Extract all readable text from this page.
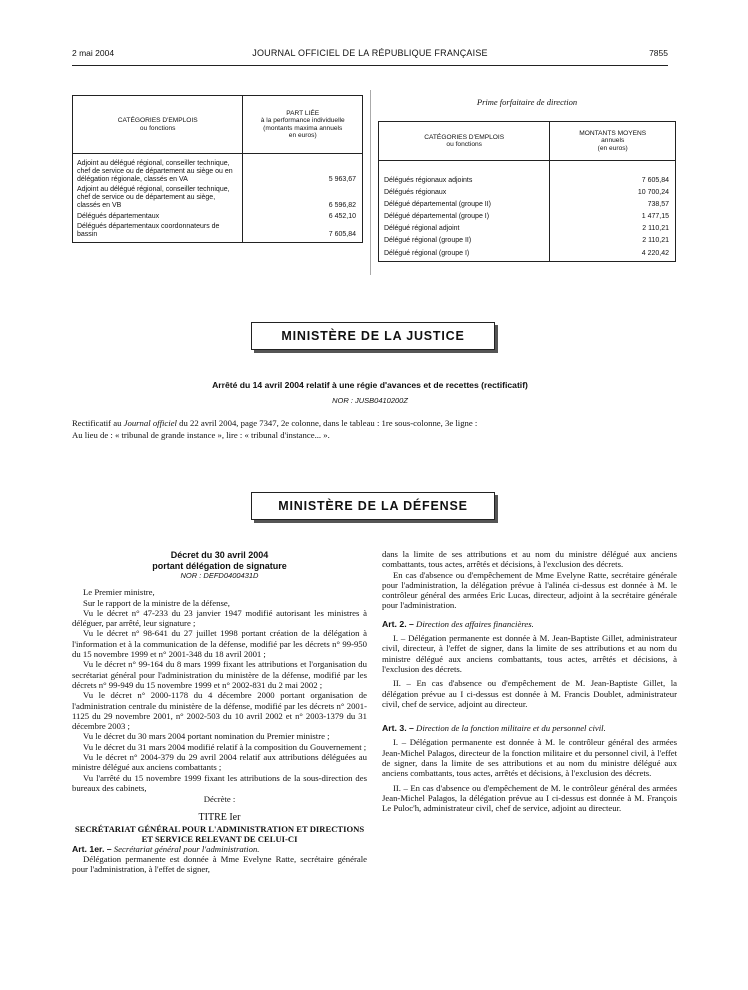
2 mai 2004	JOURNAL OFFICIEL DE LA RÉPUBLIQUE FRANÇAISE	7855
CATÉGORIES D'EMPLOIS
ou fonctions	PART LIÉE
à la performance individuelle
(montants maxima annuels
en euros)
Adjoint au délégué régional, conseiller technique, chef de service ou de département au siège ou en délégation régionale, classés en VA	5 963,67
Adjoint au délégué régional, conseiller technique, chef de service ou de département au siège, classés en VB	6 596,82
Délégués départementaux	6 452,10
Délégués départementaux coordonnateurs de bassin	7 605,84
Prime forfaitaire de direction
CATÉGORIES D'EMPLOIS
ou fonctions	MONTANTS MOYENS
annuels
(en euros)
Délégués régionaux adjoints	7 605,84
Délégués régionaux	10 700,24
Délégué départemental (groupe II)	738,57
Délégué départemental (groupe I)	1 477,15
Délégué régional adjoint	2 110,21
Délégué régional (groupe II)	2 110,21
Délégué régional (groupe I)	4 220,42
MINISTÈRE DE LA JUSTICE
Arrêté du 14 avril 2004 relatif à une régie d'avances et de recettes (rectificatif)
NOR : JUSB0410200Z
Rectificatif au Journal officiel du 22 avril 2004, page 7347, 2e colonne, dans le tableau : 1re sous-colonne, 3e ligne :
Au lieu de : « tribunal de grande instance », lire : « tribunal d'instance... ».
MINISTÈRE DE LA DÉFENSE
Décret du 30 avril 2004
portant délégation de signature
NOR : DEFD0400431D

Le Premier ministre,

Sur le rapport de la ministre de la défense,

Vu le décret n° 47-233 du 23 janvier 1947 modifié autorisant les ministres à déléguer, par arrêté, leur signature ;

Vu le décret n° 98-641 du 27 juillet 1998 portant création de la délégation à l'information et à la communication de la défense, modifié par les décrets n° 99-950 du 15 novembre 1999 et n° 2001-348 du 18 avril 2001 ;

Vu le décret n° 99-164 du 8 mars 1999 fixant les attributions et l'organisation du secrétariat général pour l'administration du ministère de la défense, modifié par les décrets n° 99-949 du 15 novembre 1999 et n° 2002-831 du 2 mai 2002 ;

Vu le décret n° 2000-1178 du 4 décembre 2000 portant organisation de l'administration centrale du ministère de la défense, modifié par les décrets n° 2001-1125 du 29 novembre 2001, n° 2002-503 du 10 avril 2002 et n° 2003-1379 du 31 décembre 2003 ;

Vu le décret du 30 mars 2004 portant nomination du Premier ministre ;

Vu le décret du 31 mars 2004 modifié relatif à la composition du Gouvernement ;

Vu le décret n° 2004-379 du 29 avril 2004 relatif aux attributions déléguées au ministre délégué aux anciens combattants ;

Vu l'arrêté du 15 novembre 1999 fixant les attributions de la sous-direction des bureaux des cabinets,

Décrète :
TITRE Ier
SECRÉTARIAT GÉNÉRAL POUR L'ADMINISTRATION ET DIRECTIONS ET SERVICE RELEVANT DE CELUI-CI

Art. 1er. – Secrétariat général pour l'administration.

Délégation permanente est donnée à Mme Evelyne Ratte, secrétaire générale pour l'administration, à l'effet de signer,

dans la limite de ses attributions et au nom du ministre délégué aux anciens combattants, tous actes, arrêtés et décisions, à l'exclusion des décrets.

En cas d'absence ou d'empêchement de Mme Evelyne Ratte, secrétaire générale pour l'administration, la délégation prévue à l'alinéa ci-dessus est donnée à M. le contrôleur général des armées Eric Lucas, directeur, adjoint à la secrétaire générale pour l'administration.

Art. 2. – Direction des affaires financières.

I. – Délégation permanente est donnée à M. Jean-Baptiste Gillet, administrateur civil, directeur, à l'effet de signer, dans la limite de ses attributions et au nom du ministre délégué aux anciens combattants, tous actes, arrêtés et décisions, à l'exclusion des décrets.

II. – En cas d'absence ou d'empêchement de M. Jean-Baptiste Gillet, la délégation prévue au I ci-dessus est donnée à M. Francis Doublet, administrateur civil, chef de service, adjoint au directeur.

Art. 3. – Direction de la fonction militaire et du personnel civil.

I. – Délégation permanente est donnée à M. le contrôleur général des armées Jean-Michel Palagos, directeur de la fonction militaire et du personnel civil, à l'effet de signer, dans la limite de ses attributions et au nom du ministre délégué aux anciens combattants, tous actes, arrêtés et décisions, à l'exclusion des décrets.

II. – En cas d'absence ou d'empêchement de M. le contrôleur général des armées Jean-Michel Palagos, la délégation prévue au I ci-dessus est donnée à M. François Le Puloc'h, administrateur civil, chef de service, adjoint au directeur.
